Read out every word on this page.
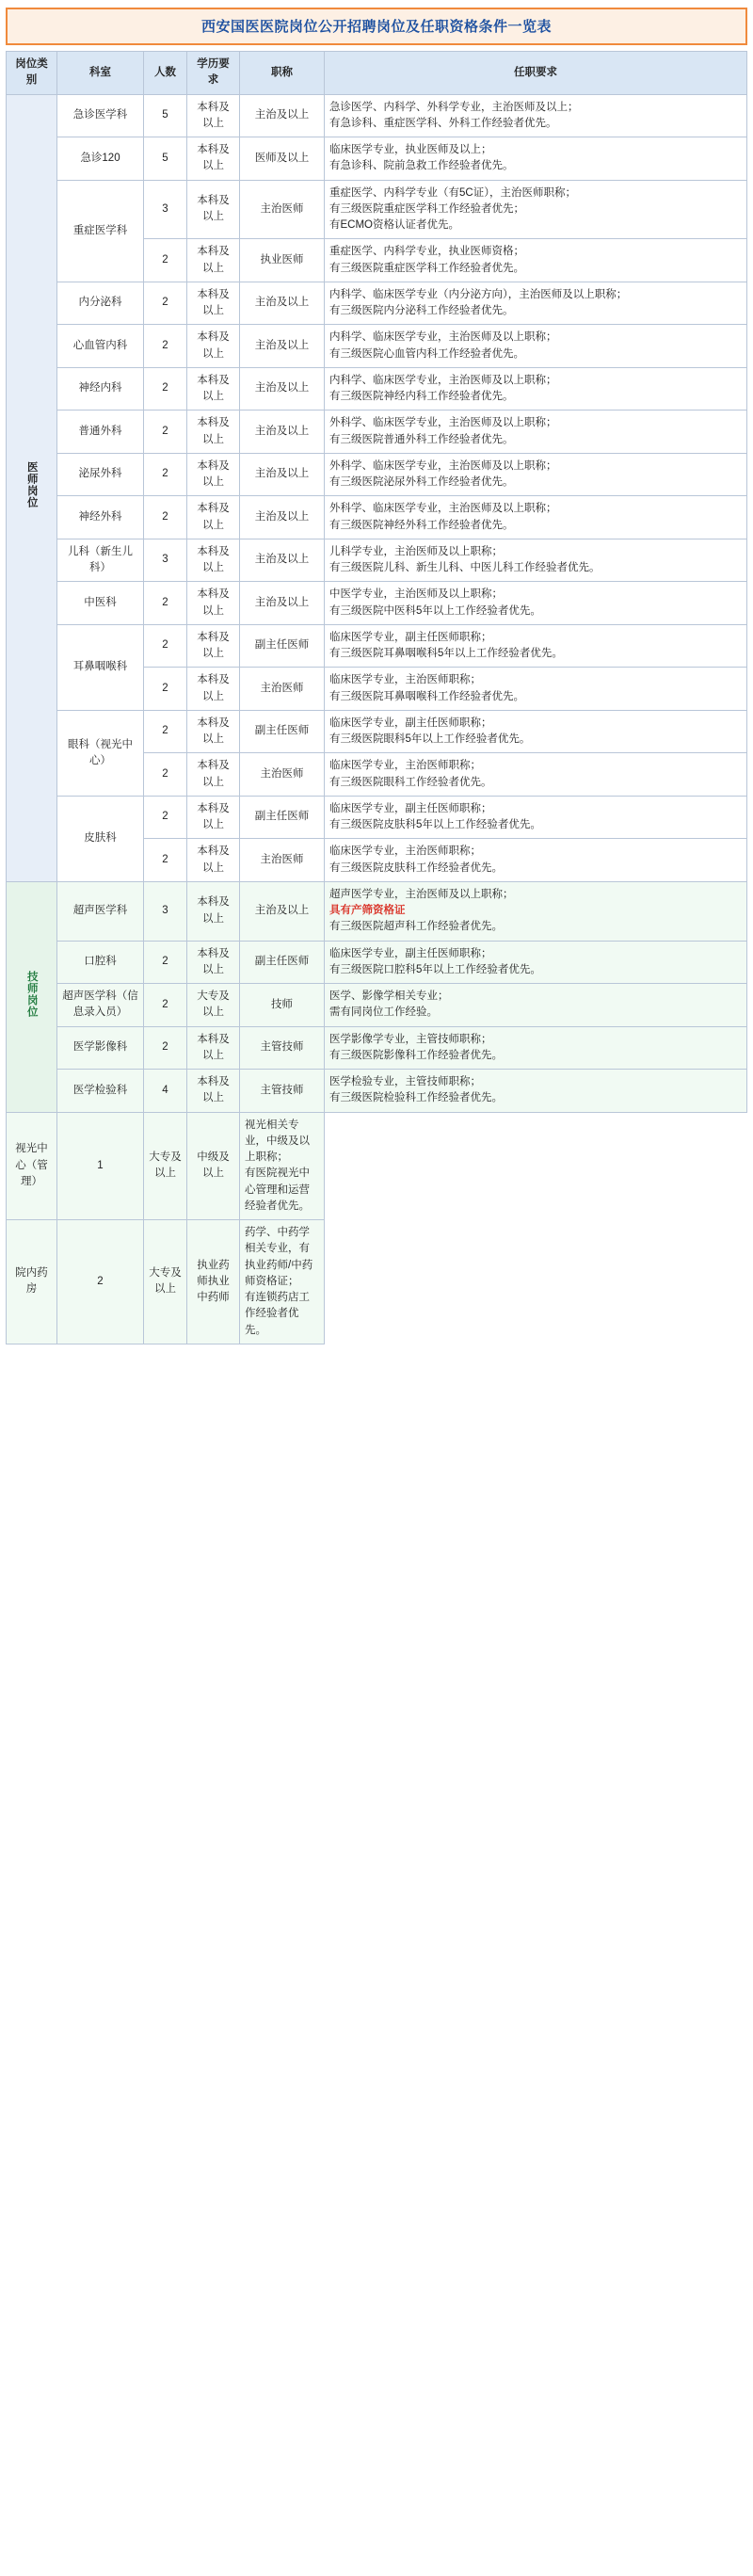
西安国医医院岗位公开招聘岗位及任职资格条件一览表
岗位类别	科室	人数	学历要求	职称	任职要求
医师岗位	急诊医学科	5	本科及以上	主治及以上	急诊医学、内科学、外科学专业，主治医师及以上；
有急诊科、重症医学科、外科工作经验者优先。

	急诊120	5	本科及以上	医师及以上	临床医学专业，执业医师及以上；
有急诊科、院前急救工作经验者优先。

	重症医学科	3	本科及以上	主治医师	重症医学、内科学专业（有5C证），主治医师职称；
有三级医院重症医学科工作经验者优先；
有ECMO资格认证者优先。

		2	本科及以上	执业医师	重症医学、内科学专业，执业医师资格；
有三级医院重症医学科工作经验者优先。

	内分泌科	2	本科及以上	主治及以上	内科学、临床医学专业（内分泌方向），主治医师及以上职称；
有三级医院内分泌科工作经验者优先。

	心血管内科	2	本科及以上	主治及以上	内科学、临床医学专业，主治医师及以上职称；
有三级医院心血管内科工作经验者优先。

	神经内科	2	本科及以上	主治及以上	内科学、临床医学专业，主治医师及以上职称；
有三级医院神经内科工作经验者优先。

	普通外科	2	本科及以上	主治及以上	外科学、临床医学专业，主治医师及以上职称；
有三级医院普通外科工作经验者优先。

	泌尿外科	2	本科及以上	主治及以上	外科学、临床医学专业，主治医师及以上职称；
有三级医院泌尿外科工作经验者优先。

	神经外科	2	本科及以上	主治及以上	外科学、临床医学专业，主治医师及以上职称；
有三级医院神经外科工作经验者优先。

	儿科（新生儿科）	3	本科及以上	主治及以上	儿科学专业，主治医师及以上职称；
有三级医院儿科、新生儿科、中医儿科工作经验者优先。

	中医科	2	本科及以上	主治及以上	中医学专业，主治医师及以上职称；
有三级医院中医科5年以上工作经验者优先。

	耳鼻咽喉科	2	本科及以上	副主任医师	临床医学专业，副主任医师职称；
有三级医院耳鼻咽喉科5年以上工作经验者优先。

		2	本科及以上	主治医师	临床医学专业，主治医师职称；
有三级医院耳鼻咽喉科工作经验者优先。

	眼科（视光中心）	2	本科及以上	副主任医师	临床医学专业，副主任医师职称；
有三级医院眼科5年以上工作经验者优先。

		2	本科及以上	主治医师	临床医学专业，主治医师职称；
有三级医院眼科工作经验者优先。

	皮肤科	2	本科及以上	副主任医师	临床医学专业，副主任医师职称；
有三级医院皮肤科5年以上工作经验者优先。

		2	本科及以上	主治医师	临床医学专业，主治医师职称；
有三级医院皮肤科工作经验者优先。

技师岗位	超声医学科	3	本科及以上	主治及以上	超声医学专业，主治医师及以上职称；
具有产筛资格证
有三级医院超声科工作经验者优先。

	口腔科	2	本科及以上	副主任医师	临床医学专业，副主任医师职称；
有三级医院口腔科5年以上工作经验者优先。

	超声医学科（信息录入员）	2	大专及以上	技师	医学、影像学相关专业；
需有同岗位工作经验。

	医学影像科	2	本科及以上	主管技师	医学影像学专业，主管技师职称；
有三级医院影像科工作经验者优先。

	医学检验科	4	本科及以上	主管技师	医学检验专业，主管技师职称；
有三级医院检验科工作经验者优先。

视光中心（管理）	1	大专及以上	中级及以上	视光相关专业，中级及以上职称；
有医院视光中心管理和运营经验者优先。	

院内药房	2	大专及以上	执业药师执业中药师	药学、中药学相关专业，有执业药师/中药师资格证；
有连锁药店工作经验者优先。	
